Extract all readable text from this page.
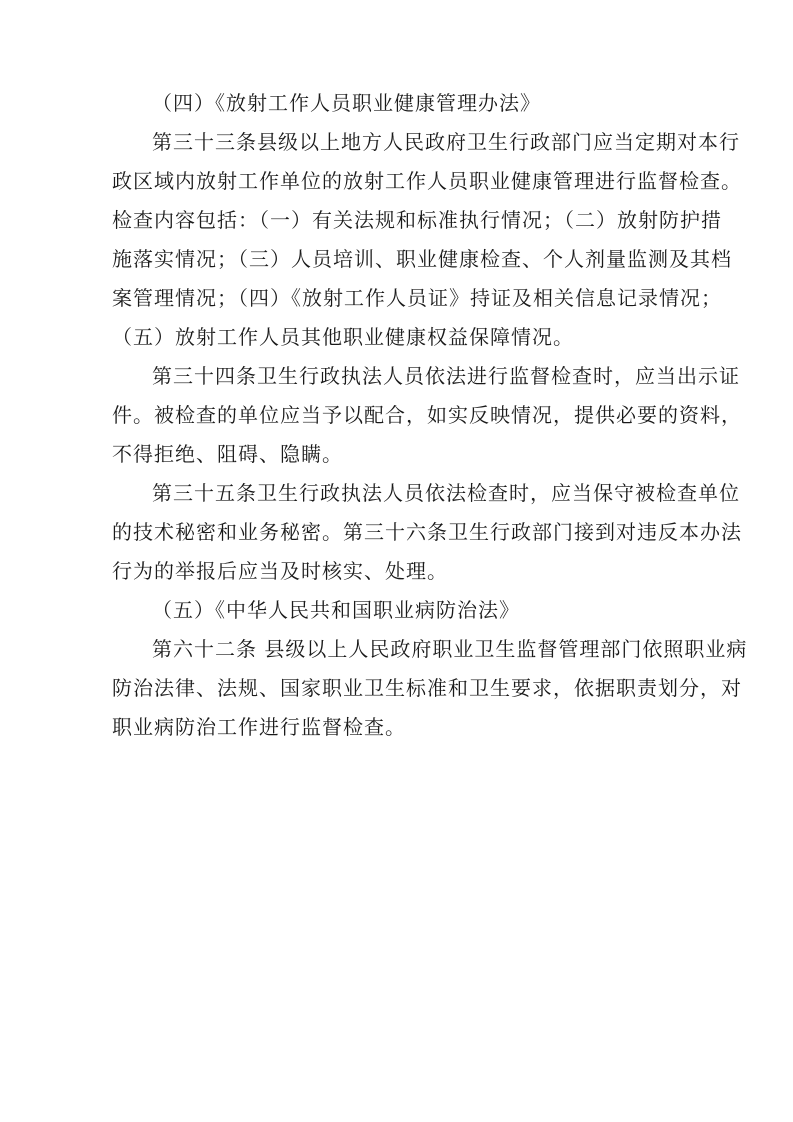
（四）《放射工作人员职业健康管理办法》

第三十三条县级以上地方人民政府卫生行政部门应当定期对本行
政区域内放射工作单位的放射工作人员职业健康管理进行监督检查。
检查内容包括：（一）有关法规和标准执行情况；（二）放射防护措
施落实情况；（三）人员培训、职业健康检查、个人剂量监测及其档
案管理情况；（四）《放射工作人员证》持证及相关信息记录情况；
（五）放射工作人员其他职业健康权益保障情况。

第三十四条卫生行政执法人员依法进行监督检查时，应当出示证
件。被检查的单位应当予以配合，如实反映情况，提供必要的资料，
不得拒绝、阻碍、隐瞒。

第三十五条卫生行政执法人员依法检查时，应当保守被检查单位
的技术秘密和业务秘密。第三十六条卫生行政部门接到对违反本办法
行为的举报后应当及时核实、处理。

（五）《中华人民共和国职业病防治法》

第六十二条 县级以上人民政府职业卫生监督管理部门依照职业病
防治法律、法规、国家职业卫生标准和卫生要求，依据职责划分，对
职业病防治工作进行监督检查。
